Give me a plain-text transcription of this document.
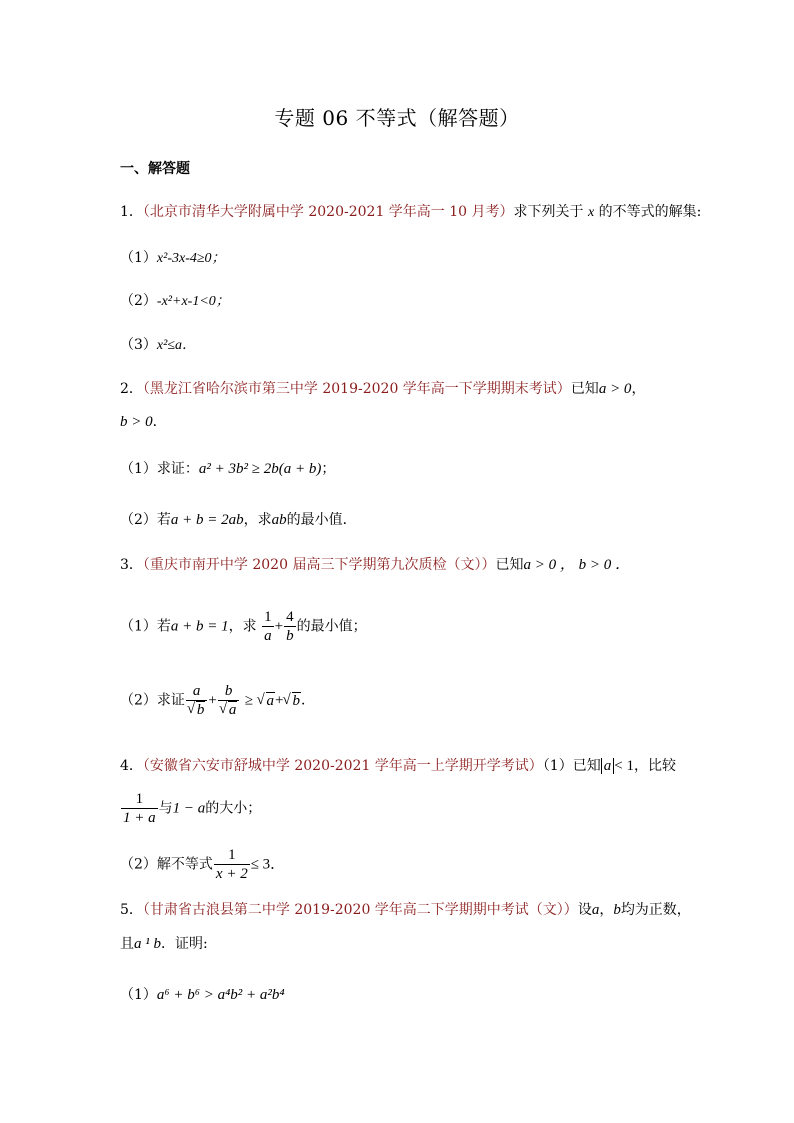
专题 06 不等式（解答题）
一、解答题
1．（北京市清华大学附属中学 2020-2021 学年高一 10 月考）求下列关于 x 的不等式的解集:
（1）x²-3x-4≥0；
（2）-x²+x-1<0；
（3）x²≤a．
2．（黑龙江省哈尔滨市第三中学 2019-2020 学年高一下学期期末考试）已知a > 0，
b > 0．
（1）求证：a² + 3b² ≥ 2b(a + b)；
（2）若a + b = 2ab，求ab的最小值．
3．（重庆市南开中学 2020 届高三下学期第九次质检（文））已知a > 0 ， b > 0 ．
（1）若a + b = 1，求 $\frac{1}{a} + \frac{4}{b}$ 的最小值；
（2）求证 a
√ b + b
√ a ≥ √ a+ √ b．
4．（安徽省六安市舒城中学 2020-2021 学年高一上学期开学考试）（1）已知 a < 1，比较
$\frac{1}{1 + a}$ 与1 − a的大小；
（2）解不等式 $\frac{1}{x + 2} \le 3$．
5．（甘肃省古浪县第二中学 2019-2020 学年高二下学期期中考试（文））设a，b均为正数，
且a ¹ b．证明:
（1）a⁶ + b⁶ > a⁴b² + a²b⁴
